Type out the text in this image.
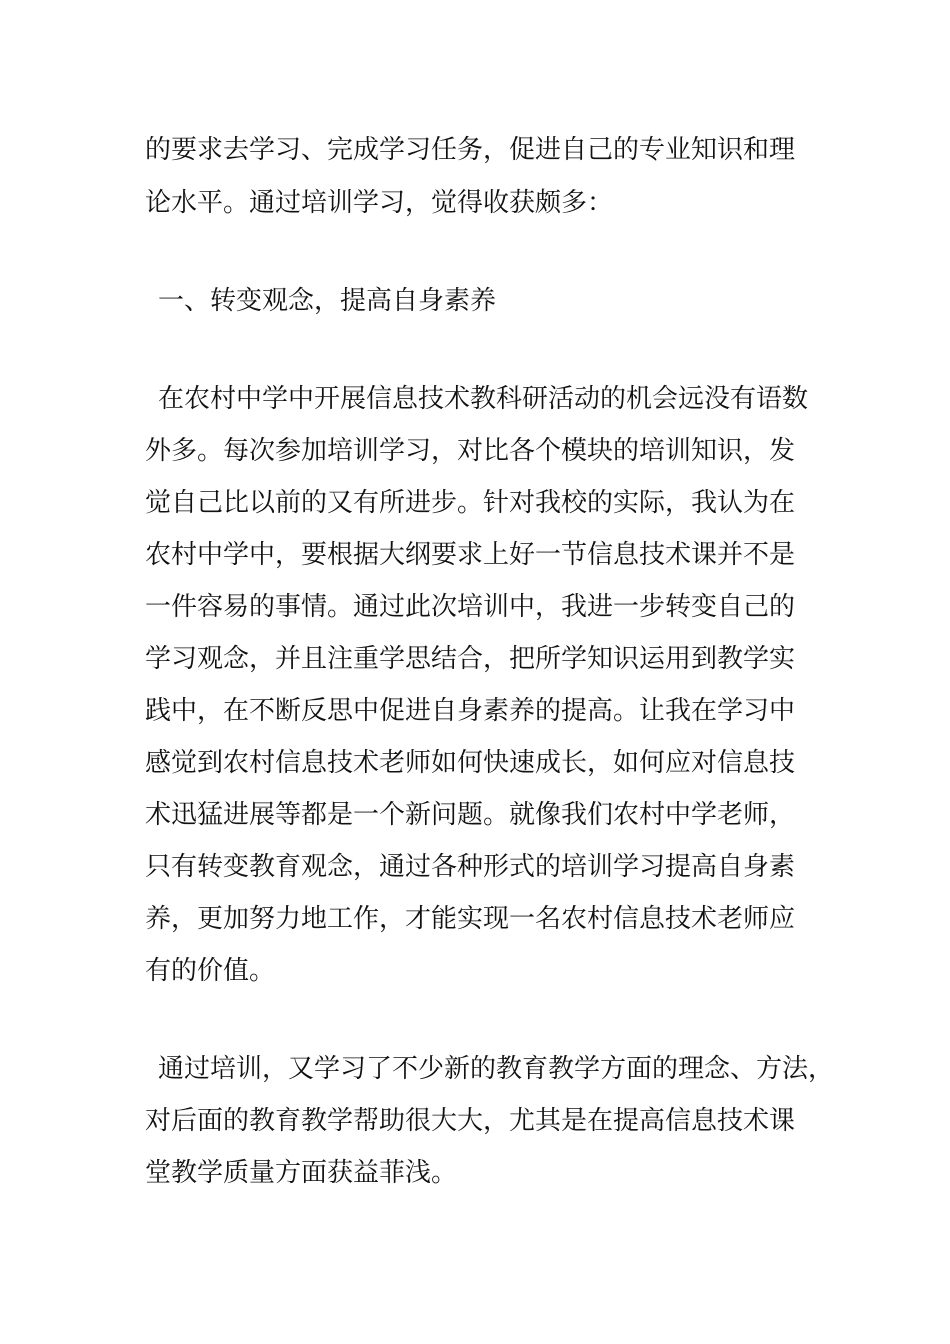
的要求去学习、完成学习任务，促进自己的专业知识和理
论水平。通过培训学习，觉得收获颇多：
一、转变观念，提高自身素养
在农村中学中开展信息技术教科研活动的机会远没有语数
外多。每次参加培训学习，对比各个模块的培训知识，发
觉自己比以前的又有所进步。针对我校的实际，我认为在
农村中学中，要根据大纲要求上好一节信息技术课并不是
一件容易的事情。通过此次培训中，我进一步转变自己的
学习观念，并且注重学思结合，把所学知识运用到教学实
践中，在不断反思中促进自身素养的提高。让我在学习中
感觉到农村信息技术老师如何快速成长，如何应对信息技
术迅猛进展等都是一个新问题。就像我们农村中学老师，
只有转变教育观念，通过各种形式的培训学习提高自身素
养，更加努力地工作，才能实现一名农村信息技术老师应
有的价值。
通过培训，又学习了不少新的教育教学方面的理念、方法，
对后面的教育教学帮助很大大，尤其是在提高信息技术课
堂教学质量方面获益菲浅。
